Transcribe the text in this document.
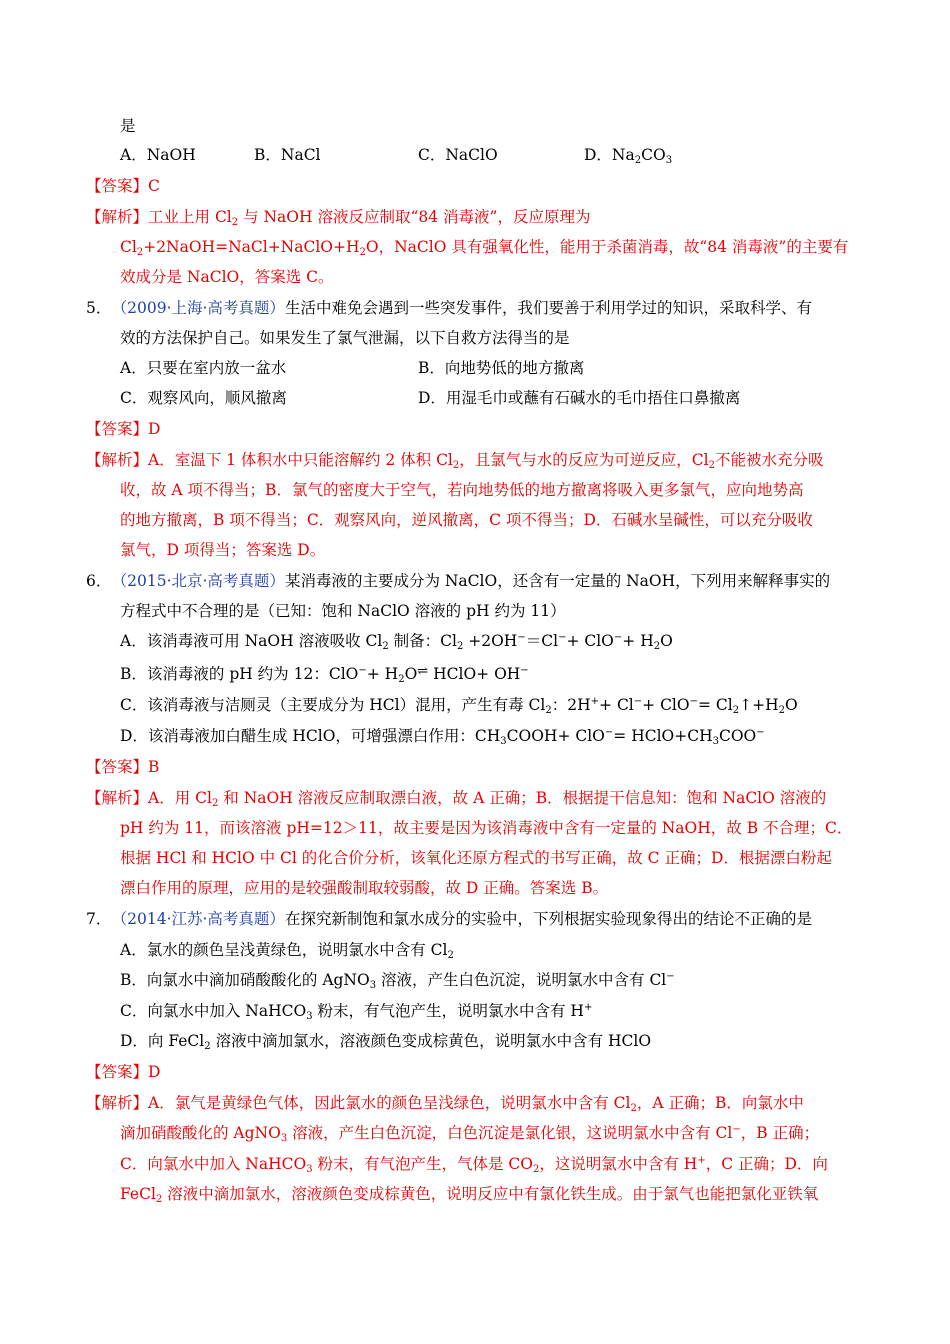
是
A．NaOH	B．NaCl	C．NaClO	D．$Na_2CO_3$
【答案】C
【解析】工业上用 $Cl_2$ 与 NaOH 溶液反应制取“84 消毒液”，反应原理为
$Cl_2+2NaOH=NaCl+NaClO+H_2O$，NaClO 具有强氧化性，能用于杀菌消毒，故“84 消毒液”的主要有
效成分是 NaClO，答案选 C。
5． （2009·上海·高考真题）生活中难免会遇到一些突发事件，我们要善于利用学过的知识，采取科学、有
效的方法保护自己。如果发生了氯气泄漏，以下自救方法得当的是
A．只要在室内放一盆水	B．向地势低的地方撤离
C．观察风向，顺风撤离	D．用湿毛巾或蘸有石碱水的毛巾捂住口鼻撤离
【答案】D
【解析】A．室温下 1 体积水中只能溶解约 2 体积 $Cl_2$，且氯气与水的反应为可逆反应，$Cl_2$不能被水充分吸
收，故 A 项不得当；B．氯气的密度大于空气，若向地势低的地方撤离将吸入更多氯气，应向地势高
的地方撤离，B 项不得当；C．观察风向，逆风撤离，C 项不得当；D．石碱水呈碱性，可以充分吸收
氯气，D 项得当；答案选 D。
6． （2015·北京·高考真题）某消毒液的主要成分为 NaClO，还含有一定量的 NaOH，下列用来解释事实的
方程式中不合理的是（已知：饱和 NaClO 溶液的 pH 约为 11）
A．该消毒液可用 NaOH 溶液吸收 $Cl_2$ 制备：$Cl_2 +2OH^-=Cl^-+ ClO^-+ H_2O$
B．该消毒液的 pH 约为 12：$ClO^-+ H_2O^\rightleftharpoons$ HClO+ OH−
C．该消毒液与洁厕灵（主要成分为 HCl）混用，产生有毒 $Cl_2$：$2H^++ Cl^-+ ClO^-= Cl_2↑+H_2O$
D．该消毒液加白醋生成 HClO，可增强漂白作用：$CH_3COOH+ ClO^-=$ $HClO+CH_3COO^-$
【答案】B
【解析】A．用 $Cl_2$ 和 NaOH 溶液反应制取漂白液，故 A 正确；B．根据提干信息知：饱和 NaClO 溶液的
pH 约为 11，而该溶液 pH=12＞11，故主要是因为该消毒液中含有一定量的 NaOH，故 B 不合理；C．
根据 HCl 和 HClO 中 Cl 的化合价分析，该氧化还原方程式的书写正确，故 C 正确；D．根据漂白粉起
漂白作用的原理，应用的是较强酸制取较弱酸，故 D 正确。答案选 B。
7． （2014·江苏·高考真题）在探究新制饱和氯水成分的实验中，下列根据实验现象得出的结论不正确的是
A．氯水的颜色呈浅黄绿色，说明氯水中含有 $Cl_2$
B．向氯水中滴加硝酸酸化的 AgNO$_3$ 溶液，产生白色沉淀，说明氯水中含有 Cl−
C．向氯水中加入 NaHCO$_3$ 粉末，有气泡产生，说明氯水中含有 H+
D．向 FeCl$_2$ 溶液中滴加氯水，溶液颜色变成棕黄色，说明氯水中含有 HClO
【答案】D
【解析】A．氯气是黄绿色气体，因此氯水的颜色呈浅绿色，说明氯水中含有 $Cl_2$，A 正确；B．向氯水中
滴加硝酸酸化的 AgNO$_3$ 溶液，产生白色沉淀，白色沉淀是氯化银，这说明氯水中含有 Cl−，B 正确；
C．向氯水中加入 NaHCO$_3$ 粉末，有气泡产生，气体是 $CO_2$，这说明氯水中含有 H+，C 正确；D．向
FeCl$_2$ 溶液中滴加氯水，溶液颜色变成棕黄色，说明反应中有氯化铁生成。由于氯气也能把氯化亚铁氧
